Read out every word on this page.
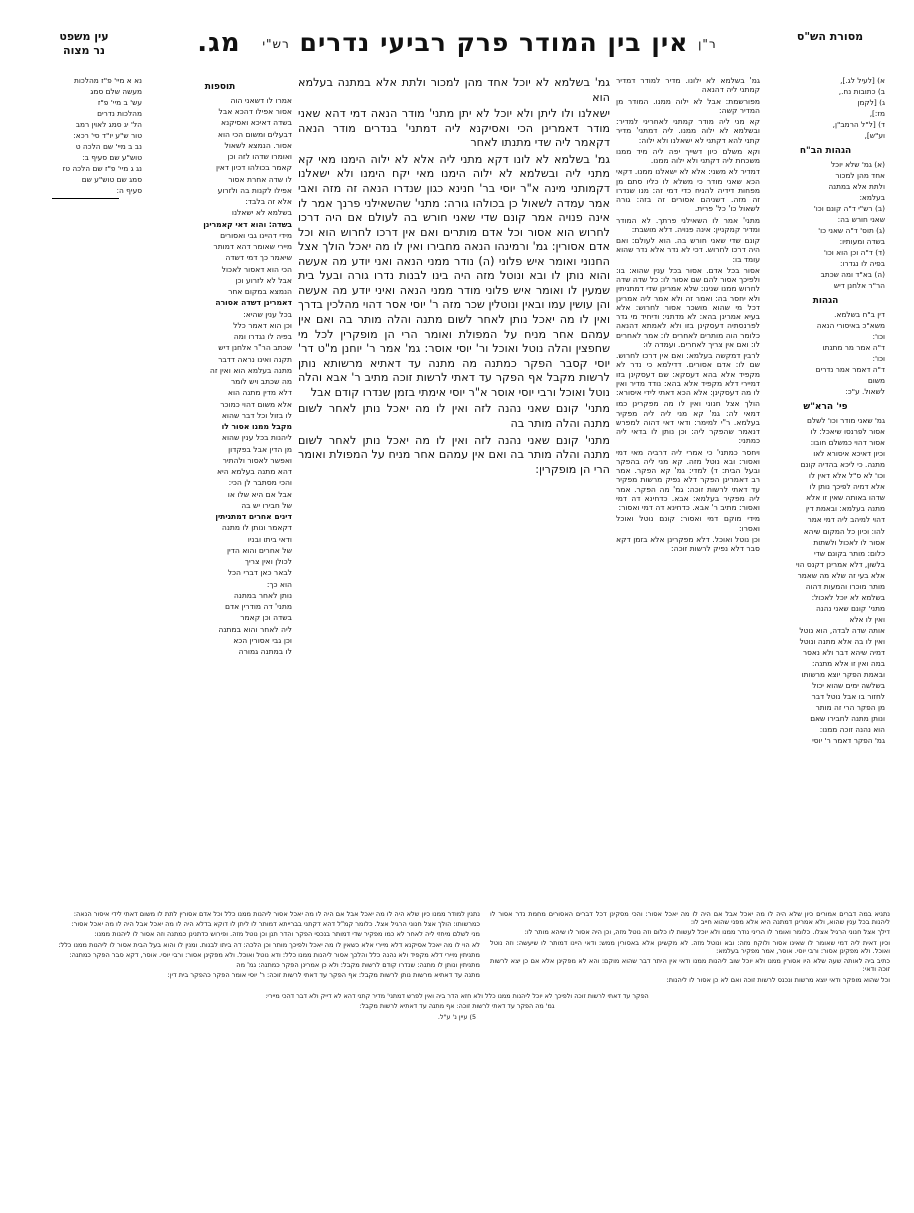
מסורת הש"ס
ר"ן אין בין המודר פרק רביעי נדרים רש"י מג.
עין משפט
נר מצוה

א) [לעיל לג.],

ב) כתובות נח.,

ג) [לקמן

מז:],

ד) [ל"ל הרמב"ן,

וע"ש],

הגהות הב"ח

(א) גמ' שלא יוכל

אחד מהן למכור

ולתת אלא במתנה

בעלמא:

(ב) רש"י ד"ה קונם וכו'

שאני חורש בה:

(ג) תוס' ד"ה שאני כו'

בשדה ומעותיו:

(ד) ד"ה וכן הוא וכו'

בפיה לו נגדרו:

(ה) בא"ד ומה שכתב

הר"ר אלחנן דיש

הגהות

דין ב"ח בשלמא.

משא"כ באיסורי הנאה

וכו':

ד"ה אמר מר מתנתו

וכו':

ד"ה דאמר אמר נדרים

משום

לשאול. ע"כ:

פי' הרא"ש

גמ' שאני מודר וכו' לשלם

אסור לפרנסו שיאכל: לו

אסור דהוי כמשלם חובו:

וכיון דאיכא איסורא לאו

מתנה. כי ליכא בהדיה קונם

וכו' לא ס"ל אלא דאין לו

אלא דמיה לפיכך נותן לו

שדהו באותה שאין זו אלא

מתנה בעלמא: ובאמת דין

דהוי למיהב ליה דמי אמר

להו: וכיון כל המקום שיהא

אסור לו לאכול ולשתות

כלום: מותר בקונם שדי

בלשון, דלא אמרינן דקנס הוי

אלא בעי זה שלא מה שאמר

מותר מוכרו והמעות דהוה

בשלמא לא יוכל לאכול:

מתני' קונם שאני נהנה

ואין לו אלא

אותה שדה לבדה, הוא נוטל

ואין לו בה אלא מתנה ונוטל

דמיה שיהא דבר ולא נאסר

במה ואין זו אלא מתנה:

ובאמת הפקר יוצא מרשותו

בשלשה ימים שהוא יכול

לחזור בו אבל נוטל דבר

מן הפקר הרי זה מותר

ונותן מתנה לחבירו שאם

הוא נהנה זוכה ממנו:

גמ' הפקר דאמר ר' יוסי

גמ' בשלמא לא ילונו. מדיר למודר דמדיר קמתני ליה דהנאה

מפורשמת: אבל לא ילוה ממנו. המודר מן המדיר קשה:

קא מני ליה מודר קמתני לאחריני למדיר: ובשלמא לא ילוה ממנו. ליה דמתני' מדיר קתני להא דקתני לא ישאלנו ולא ילוה:

וקא משלם כיון דשייך יפה ליה מיד ממנו משכחת ליה דקתני ולא ילוה ממנו.

דמדיר לא משני: אלא לא ישאלנו ממנו. דקאי הכא שאני מודר כי משלא לו כליו סתם מן מפחות דידיה להניח כדי דמי זה: מנו שנדרו זה מזה. דשניהם אסורים זה בזה: גורה לשאול כו' כל' פרית.

מתני' אמר לו השאילני פרתך. לא המודר ומדיר קמקניין: אינה פנויה. דלא מושבת:

קונם שדי שאני חורש בה. הוא לעולם: ואם היה דרכו לחרוש. דכי לא נדר אלא נדר שהוא עומד בו:

אסור בכל אדם. אסור בכל ענין שהוא: בו: ולפיכך אסור להם שם אסור לו: כל שדה שדה לחרוש ממנו שנינו: שלא אמרינן שדי דמתניתין ולא יחסר בה: ואמר זה ולא אמר ליה אמרינן דכל מי שהוא מושכר אסור לחרוש: אלא בעיא אמרינן בהא: לא מדתני: ודיחיד מי גדר לפרנסתיה דעסקינן בזו ולא לאמתא דהנאה כלומר הוה מותרים לאחרים לו: אמר לאחרים לו: ואם אין צריך לאחרים. ועמדה לו:

לרבין דמקשה בעלמא: ואם אין דרכו לחרוש. שם לו: אדם אסורים. דדילמא כי נדר לא מקפיד אלא בהא דעסקא: שם דעסקינן בזו דמיירי דלא מקפיד אלא בהא: נודד מדיר ואין לו מה דעסקינן: אלא הכא דאתי לידי איסורא:

הולך אצל חנוני ואין לו מה מפקרינן כמו דמאי לה: גמ' קא מני ליה ליה מפקיר בעלמא. ר"י למימר: ודאי דאי דהוה למפרש דנאמר שהפקר ליה: וכן נותן לו בדאי ליה כמתני:

ויחסר כמתני' כי אמרי ליה דרביה מאי דמי ואסור: ובא נוטל מזה. קא מני ליה בהפקר ובעל הבית: ד) למדי: גמ' קא הפקר. אמר רב דאמרינן הפקר דלא נפיק מרשות מפקיר עד דאתי לרשות זוכה: גמ' מה הפקר. אמר ליה מפקיר בעלמא: אבא. כדחינא דה דמי ואסור: מתיב ר' אבא. כדחינא דה דמי ואסור:

מידי מוקם דמי ואסור: קונם נוטל ואוכל ואסרו:

וכן נוטל ואוכל. דלא מפקרינן אלא בזמן דקא סבר דלא נפיק לרשות זוכה:

גמ' בשלמא לא יוכל אחד מהן למכור ולתת אלא במתנה בעלמא הוא

ישאלנו ולו ליתן ולא יוכל לא יתן מתני' מודר הנאה דמי דהא שאני מודר דאמרינן הכי ואסיקנא ליה דמתני' בנדרים מודר הנאה דקאמר ליה שדי מתנתו לאחר

גמ' בשלמא לא לונו דקא מתני ליה אלא לא ילוה הימנו מאי קא מתני ליה ובשלמא לא ילוה הימנו מאי יקח הימנו ולא ישאלנו דקמותני מינה א"ר יוסי בר' חנינא כגון שנדרו הנאה זה מזה ואבי אמר עמדה לשאול כן בכולהו גורה: מתני' שהשאילני פרנך אמר לו אינה פנויה אמר קונם שדי שאני חורש בה לעולם אם היה דרכו לחרוש הוא אסור וכל אדם מותרים ואם אין דרכו לחרוש הוא וכל אדם אסורין: גמ' ורמינהו הנאה מחבירו ואין לו מה יאכל הולך אצל החנוני ואומר איש פלוני (ה) נודר ממני הנאה ואני יודע מה אעשה והוא נותן לו ובא ונוטל מזה היה בינו לבנות נדרו גורה ובעל בית שמעין לו ואומר איש פלוני מודר ממני הנאה ואיני יודע מה אעשה והן עושין עמו ובאין ונוטלין שכר מזה ר' יוסי אסר דהוי מהלכין בדרך ואין לו מה יאכל נותן לאחר לשום מתנה והלה מותר בה ואם אין עמהם אחר מניח על המפולת ואומר הרי הן מופקרין לכל מי שחפצין והלה נוטל ואוכל ור' יוסי אוסר: גמ' אמר ר' יוחנן מ"ט דר' יוסי קסבר הפקר כמתנה מה מתנה עד דאתיא מרשותא נותן לרשות מקבל אף הפקר עד דאתי לרשות זוכה מתיב ר' אבא והלה נוטל ואוכל ורבי יוסי אוסר א"ר יוסי אימתי בזמן שנדרו קודם אבל

מתני' קונם שאני נהנה לזה ואין לו מה יאכל נותן לאחר לשום מתנה והלה מותר בה

מתני' קונם שאני נהנה לזה ואין לו מה יאכל נותן לאחר לשום מתנה והלה מותר בה ואם אין עמהם אחר מניח על המפולת ואומר הרי הן מופקרין:

תוספות

אמרו לו דשאני הוה

אסור אפילו דהכא אבל

בשדה דאיכא ואסיקנא

דבעלים ומשום הכי הוא

אסור. הנמצא לשאול

ואומרו שדהו לזה וכן

קאמר בכולהו דכיון דאין

לו שדה אחרת אסור

אפילו לקנות בה ולזרוע

אלא זה בלבד:

בשלמא לא ישאלנו

בשדה: והוא דאי קאמרינן

מידי דהיינו גבי ואסורים

מיירי שאומר דהא דמותר

שיאמר כך דמי דשדה

הכי הוא דאסור לאכול

אבל לא לזרוע וכן

הנמצא במקום אחר

דאמרינן דשדה אסורה

בכל ענין שהיא:

וכן הוא דאמר כלל

בפיה לו נגדרו ומה

שכתב הר"ר אלחנן דיש

תקנה ואינו נראה דדבר

מתנה בעלמא הוא ואין זה

מה שכתב ויש לומר

דלא מדין מתנה הוא

אלא משום דהוי כמוכר

לו בזול וכל דבר שהוא

מקבל ממנו אסור לו

ליהנות בכל ענין שהוא

מן הדין אבל בפקדון

ואפשר לאסור ולהתיר

דהא מתנה בעלמא היא

והכי מסתבר לן הכי:

אבל אם היא שלו או

של חבירו יש בה

דינים אחרים דמתניתין

דקאמר ונותן לו מתנה

ודאי ביתו ובניו

של אחרים והוא הדין

לכולן ואין צריך

לבאר כאן דברי הכל

הוא כך:

נותן לאחר במתנה

מתני' דה מודרין אדם

בשדה וכן קאמר

ליה לאחר והוא במתנה

וכן גבי אסורין הכא

לו במתנה גמורה

נא א מיי' פ"ז מהלכות

מעשה שלם סמג

עש' ב מיי' פ"ז

מהלכות נדרים

הל' יג סמג לאוין רמב

טור ש"ע יו"ד סי' רכא:

נב ב מיי' שם הלכה ט

טוש"ע שם סעיף ב:

נג ג מיי' פ"ז שם הלכה טז

סמג שם טוש"ע שם

סעיף ה:

נתניא במה דברים אמורים כיון שלא היה לו מה יאכל אבל אם היה לו מה יאכל אסור: והכי מסקינן דכל דברים האסורים מחמת נדר אסור לו ליהנות בכל ענין שהוא, ולא אמרינן דמתנה היא אלא מפני שהוא חייב לו:

דילך אצל חנוני הרגיל אצלו. כלומר ואומר לו הריני נודר ממנו ולא יוכל לעשות לו כלום וזה נוטל מזה, וכן היה אסור לו שיהא מותר לו:

וכיון דאית ליה דמי שאומר לו שאינו אסור ולוקח מזה: ובא ונוטל מזה. לא מקשינן אלא באסורין ממש: ודאי היינו דמותר לו שיעשה: וזה נוטל ואוכל. ולא מפקינן אסור: ורבי יוסי. אוסר, אמר מפקיר בעלמא:

כתיב ביה לאותה שעה שלא היו אסורין ממנו ולא יוכל שוב ליהנות ממנו ודאי אין היתר דבר שהוא מוקם: והא לא מפקינן אלא אם כן יצא לרשות זוכה ודאי:

וכל שהוא מופקר ודאי יוצא מרשות ונכנס לרשות זוכה ואם לא כן אסור לו ליהנות:

נתנין למודר ממנו כיון שלא היה לו מה יאכל אבל אם היה לו מה יאכל אסור ליהנות ממנו כלל וכל אדם אסורין לתת לו משום דאתי לידי איסור הנאה:

כמרשותו: הולך אצל חנוני הרגיל אצל. כלומר קמ"ל דהא דקתני בברייתא דמותר לו ליתן לו דוקא בדלא היה לו מה יאכל אבל היה לו מה יאכל אסור:

מני לשלם מיחזי ליה לאחר לא כמו מפקיר שדי דמותר בנכסי הפקר והדר תנן וכן נוטל מזה. ופירוש כדתנינן כמתנה וזה אסור לו ליהנות ממנו:

לא הוי לו מה יאכל אסיקנא דלא מיירי אלא כשאין לו מה יאכל ולפיכך מותר וכן הלכה: דה ביתו לבנות. ומנין לו והוא בעל הבית אסור לו ליהנות ממנו כלל:

מתניתין מיירי דלא מקפיד ולא נהנה כלל והלכך אסור ליהנות ממנו כלל: ודא נוטל ואוכל. ולא מפקינן אסור: ורבי יוסי. אוסר, דקא סבר הפקר כמתנה:

מתניתין ונותן לו מתנה: שנדרו קודם לרשות מקבל: ולא כן אמרינן הפקר כמתנה: גמ' מה

מתנה עד דאתיא מרשות נותן לרשות מקבל: אף הפקר עד דאתי לרשות זוכה: ר' יוסי אומר הפקר כהפקר בית דין:

הפקר עד דאתי לרשות זוכה ולפיכך לא יוכל ליהנות ממנו כלל ולא חזא הדר ביה ואין לפרש דמתני' מדיר קתני דהא לא דייק ולא דבר דהכי מיירי:

גמ' מה הפקר עד דאתי לרשות זוכה: אף מתנה עד דאתיא לרשות מקבל:

5) עיין נ' ע"ל.
